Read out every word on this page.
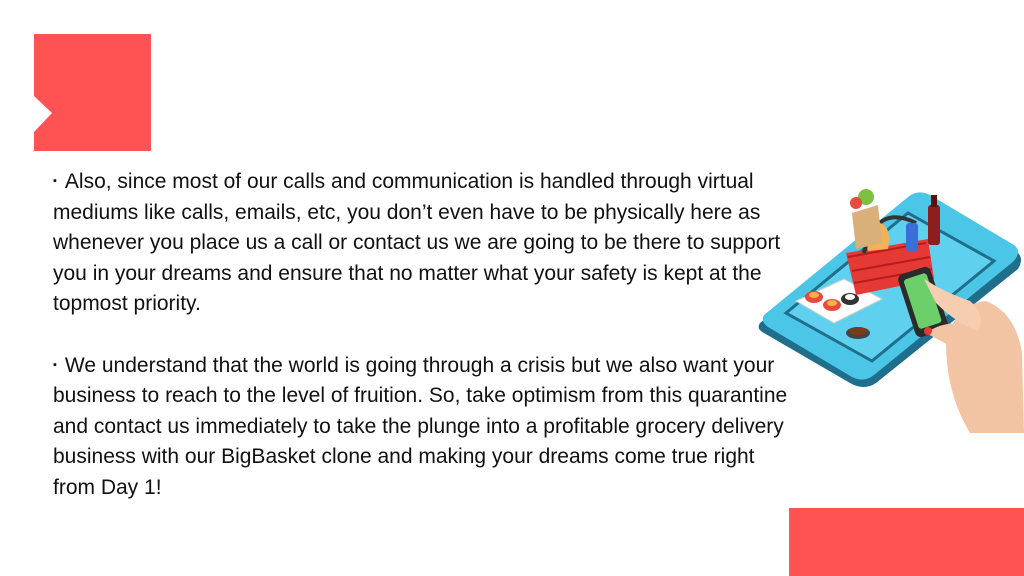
▪ Also, since most of our calls and communication is handled through virtual mediums like calls, emails, etc, you don’t even have to be physically here as whenever you place us a call or contact us we are going to be there to support you in your dreams and ensure that no matter what your safety is kept at the topmost priority.

▪ We understand that the world is going through a crisis but we also want your business to reach to the level of fruition. So, take optimism from this quarantine and contact us immediately to take the plunge into a profitable grocery delivery business with our BigBasket clone and making your dreams come true right from Day 1!
